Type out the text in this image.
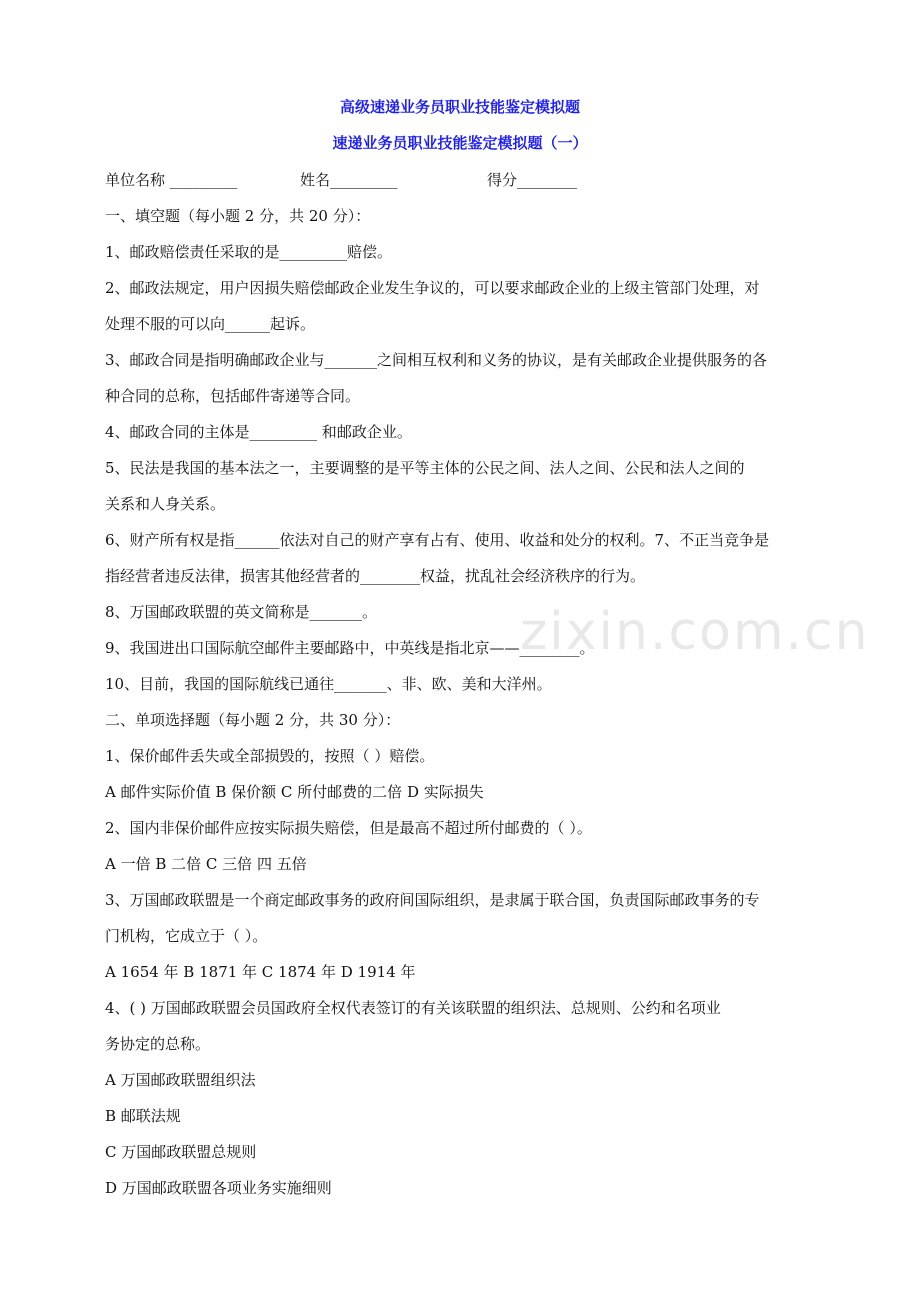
高级速递业务员职业技能鉴定模拟题
速递业务员职业技能鉴定模拟题（一）
单位名称 _________	姓名_________	得分________
一、填空题（每小题 2 分，共 20 分）：
1、邮政赔偿责任采取的是_________赔偿。
2、邮政法规定，用户因损失赔偿邮政企业发生争议的，可以要求邮政企业的上级主管部门处理，对
处理不服的可以向______起诉。
3、邮政合同是指明确邮政企业与_______之间相互权利和义务的协议，是有关邮政企业提供服务的各
种合同的总称，包括邮件寄递等合同。
4、邮政合同的主体是_________ 和邮政企业。
5、民法是我国的基本法之一，主要调整的是平等主体的公民之间、法人之间、公民和法人之间的
关系和人身关系。
6、财产所有权是指______依法对自己的财产享有占有、使用、收益和处分的权利。7、不正当竞争是
指经营者违反法律，损害其他经营者的________权益，扰乱社会经济秩序的行为。
8、万国邮政联盟的英文简称是_______。
9、我国进出口国际航空邮件主要邮路中，中英线是指北京——________。
10、目前，我国的国际航线已通往_______、非、欧、美和大洋州。
二、单项选择题（每小题 2 分，共 30 分）：
1、保价邮件丢失或全部损毁的，按照（ ）赔偿。
A 邮件实际价值 B 保价额 C 所付邮费的二倍 D 实际损失
2、国内非保价邮件应按实际损失赔偿，但是最高不超过所付邮费的（ ）。
A 一倍 B 二倍 C 三倍 四 五倍
3、万国邮政联盟是一个商定邮政事务的政府间国际组织，是隶属于联合国，负责国际邮政事务的专
门机构，它成立于（ ）。
A 1654 年 B 1871 年 C 1874 年 D 1914 年
4、( ) 万国邮政联盟会员国政府全权代表签订的有关该联盟的组织法、总规则、公约和名项业
务协定的总称。
A 万国邮政联盟组织法
B 邮联法规
C 万国邮政联盟总规则
D 万国邮政联盟各项业务实施细则
zixin.com.cn
